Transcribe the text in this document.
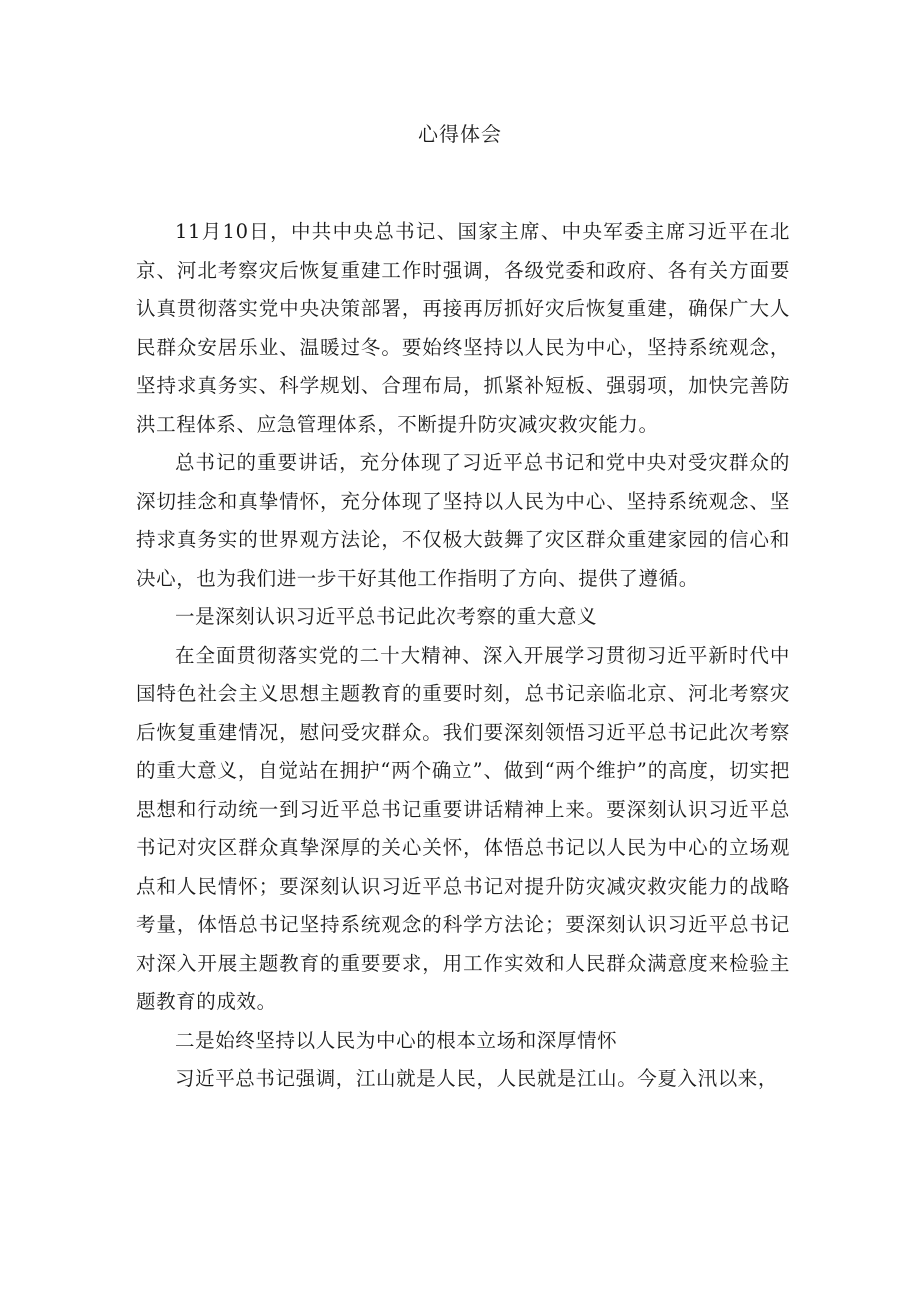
心得体会

11月10日，中共中央总书记、国家主席、中央军委主席习近平在北京、河北考察灾后恢复重建工作时强调，各级党委和政府、各有关方面要认真贯彻落实党中央决策部署，再接再厉抓好灾后恢复重建，确保广大人民群众安居乐业、温暖过冬。要始终坚持以人民为中心，坚持系统观念，坚持求真务实、科学规划、合理布局，抓紧补短板、强弱项，加快完善防洪工程体系、应急管理体系，不断提升防灾减灾救灾能力。

总书记的重要讲话，充分体现了习近平总书记和党中央对受灾群众的深切挂念和真挚情怀，充分体现了坚持以人民为中心、坚持系统观念、坚持求真务实的世界观方法论，不仅极大鼓舞了灾区群众重建家园的信心和决心，也为我们进一步干好其他工作指明了方向、提供了遵循。

一是深刻认识习近平总书记此次考察的重大意义

在全面贯彻落实党的二十大精神、深入开展学习贯彻习近平新时代中国特色社会主义思想主题教育的重要时刻，总书记亲临北京、河北考察灾后恢复重建情况，慰问受灾群众。我们要深刻领悟习近平总书记此次考察的重大意义，自觉站在拥护“两个确立”、做到“两个维护”的高度，切实把思想和行动统一到习近平总书记重要讲话精神上来。要深刻认识习近平总书记对灾区群众真挚深厚的关心关怀，体悟总书记以人民为中心的立场观点和人民情怀；要深刻认识习近平总书记对提升防灾减灾救灾能力的战略考量，体悟总书记坚持系统观念的科学方法论；要深刻认识习近平总书记对深入开展主题教育的重要要求，用工作实效和人民群众满意度来检验主题教育的成效。

二是始终坚持以人民为中心的根本立场和深厚情怀

习近平总书记强调，江山就是人民，人民就是江山。今夏入汛以来，
